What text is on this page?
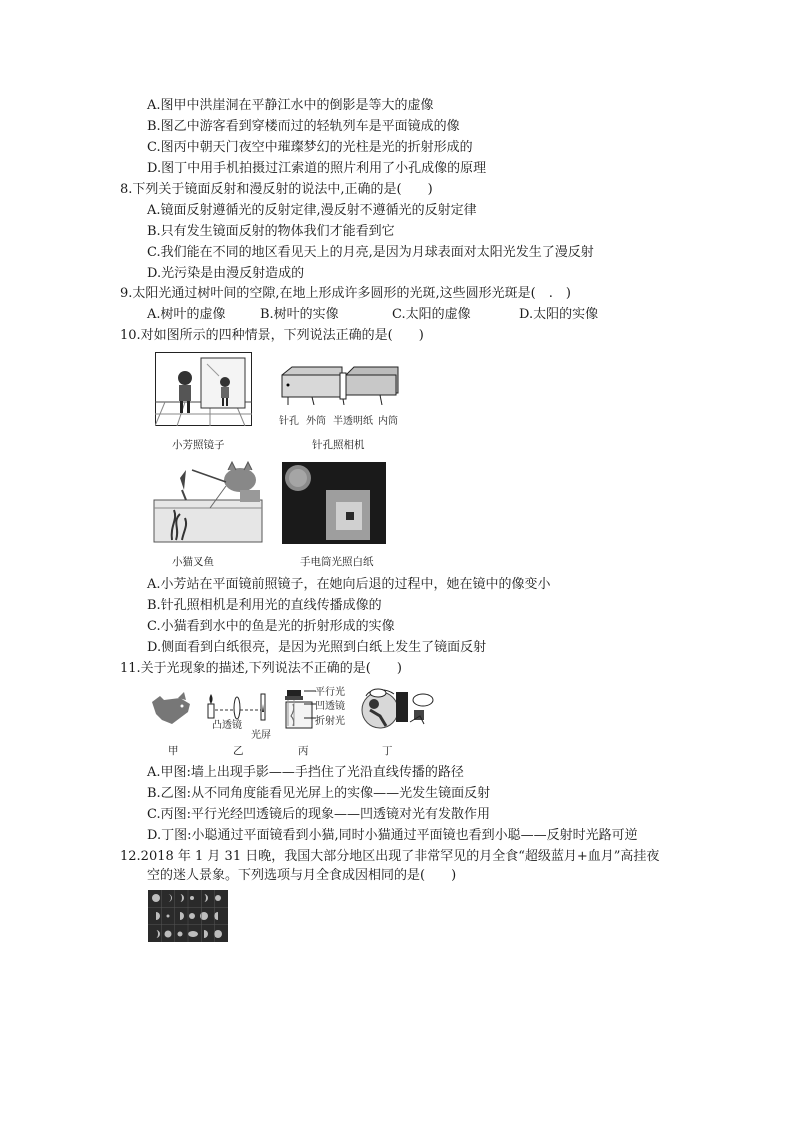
A.图甲中洪崖洞在平静江水中的倒影是等大的虚像
B.图乙中游客看到穿楼而过的轻轨列车是平面镜成的像
C.图丙中朝天门夜空中璀璨梦幻的光柱是光的折射形成的
D.图丁中用手机拍摄过江索道的照片利用了小孔成像的原理
8.下列关于镜面反射和漫反射的说法中,正确的是(　　)
A.镜面反射遵循光的反射定律,漫反射不遵循光的反射定律
B.只有发生镜面反射的物体我们才能看到它
C.我们能在不同的地区看见天上的月亮,是因为月球表面对太阳光发生了漫反射
D.光污染是由漫反射造成的
9.太阳光通过树叶间的空隙,在地上形成许多圆形的光斑,这些圆形光斑是(　.　)
A.树叶的虚像	B.树叶的实像	C.太阳的虚像	D.太阳的实像
10.对如图所示的四种情景，下列说法正确的是(　　)
小芳照镜子
针孔 外筒 半透明纸 内筒
针孔照相机
小猫叉鱼	手电筒光照白纸
A.小芳站在平面镜前照镜子，在她向后退的过程中，她在镜中的像变小
B.针孔照相机是利用光的直线传播成像的
C.小猫看到水中的鱼是光的折射形成的实像
D.侧面看到白纸很亮，是因为光照到白纸上发生了镜面反射
11.关于光现象的描述,下列说法不正确的是(　　)
甲
凸透镜
光屏
乙
平行光
凹透镜
折射光
丙	丁
A.甲图:墙上出现手影——手挡住了光沿直线传播的路径
B.乙图:从不同角度能看见光屏上的实像——光发生镜面反射
C.丙图:平行光经凹透镜后的现象——凹透镜对光有发散作用
D.丁图:小聪通过平面镜看到小猫,同时小猫通过平面镜也看到小聪——反射时光路可逆
12.2018 年 1 月 31 日晚，我国大部分地区出现了非常罕见的月全食“超级蓝月+血月”高挂夜
空的迷人景象。下列选项与月全食成因相同的是(　　)
